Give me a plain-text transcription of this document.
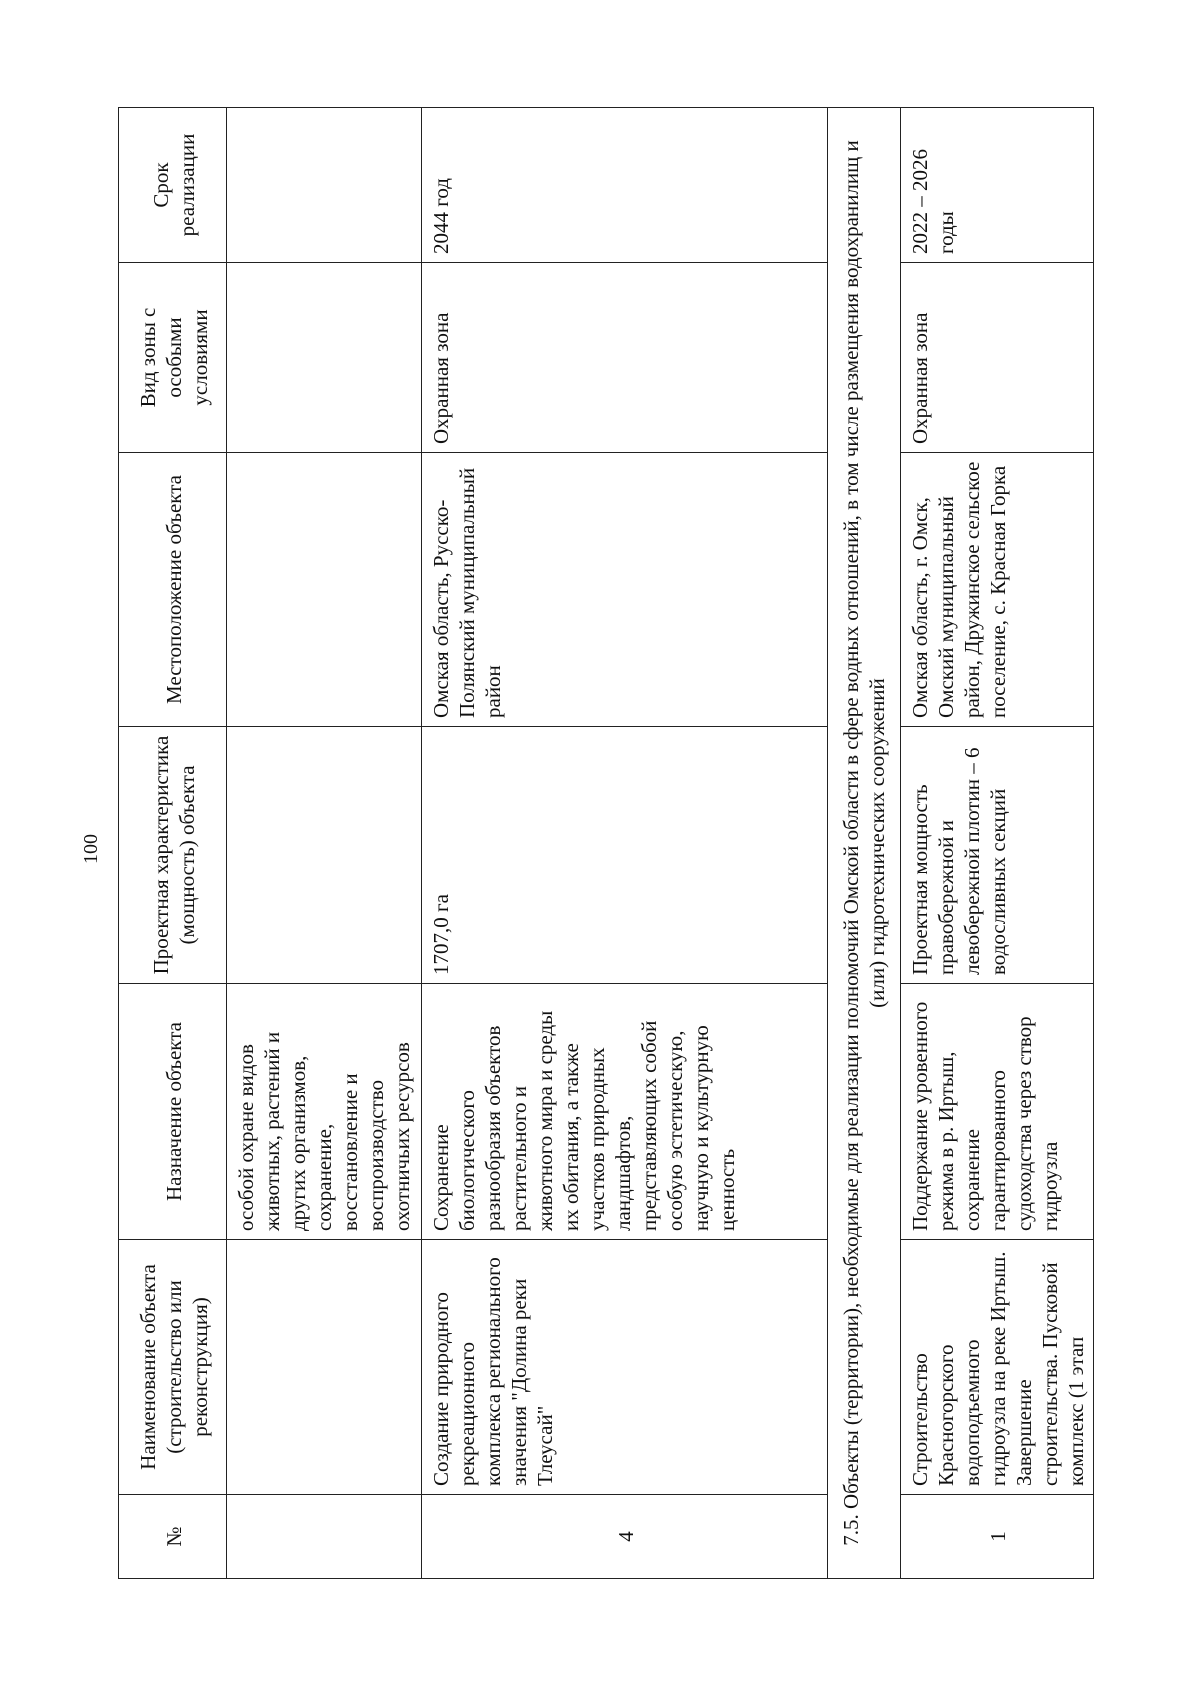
100
№	Наименование объекта (строительство или реконструкция)	Назначение объекта	Проектная характеристика (мощность) объекта	Местоположение объекта	Вид зоны с особыми условиями	Срок реализации
		особой охране видов животных, растений и других организмов, сохранение, восстановление и воспроизводство охотничьих ресурсов				
4	Создание природного рекреационного комплекса регионального значения "Долина реки Тлеусай"	Сохранение биологического разнообразия объектов растительного и животного мира и среды их обитания, а также участков природных ландшафтов, представляющих собой особую эстетическую, научную и культурную ценность	1707,0 га	Омская область, Русско-Полянский муниципальный район	Охранная зона	2044 год
7.5. Объекты (территории), необходимые для реализации полномочий Омской области в сфере водных отношений, в том числе размещения водохранилищ и (или) гидротехнических сооружений						
1	Строительство Красногорского водоподъемного гидроузла на реке Иртыш. Завершение строительства. Пусковой комплекс (1 этап	Поддержание уровенного режима в р. Иртыш, сохранение гарантированного судоходства через створ гидроузла	Проектная мощность правобережной и левобережной плотин – 6 водосливных секций	Омская область, г. Омск, Омский муниципальный район, Дружинское сельское поселение, с. Красная Горка	Охранная зона	2022 – 2026 годы
